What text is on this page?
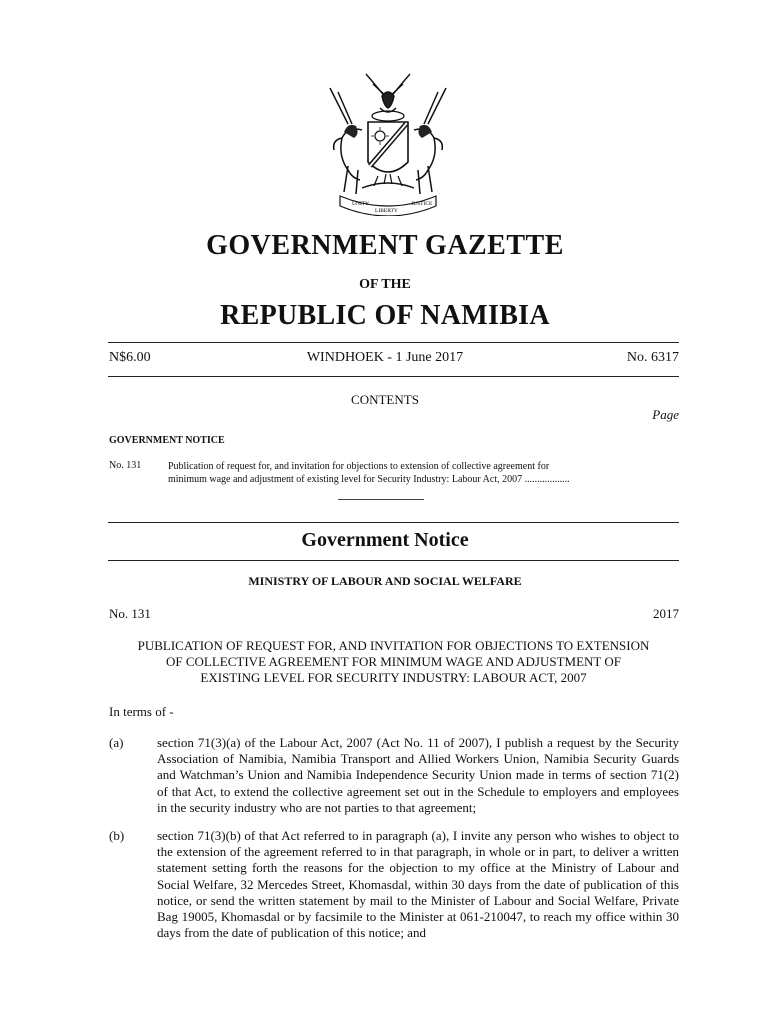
UNITY
LIBERTY
JUSTICE
GOVERNMENT GAZETTE
OF THE
REPUBLIC OF NAMIBIA
N$6.00	WINDHOEK - 1 June 2017	No. 6317
CONTENTS
Page
GOVERNMENT NOTICE
No. 131	Publication of request for, and invitation for objections to extension of collective agreement for
minimum wage and adjustment of existing level for Security Industry: Labour Act, 2007 ..................
Government Notice
MINISTRY OF LABOUR AND SOCIAL WELFARE
No. 131	2017
PUBLICATION OF REQUEST FOR, AND INVITATION FOR OBJECTIONS TO EXTENSION
OF COLLECTIVE AGREEMENT FOR MINIMUM WAGE AND ADJUSTMENT OF
EXISTING LEVEL FOR SECURITY INDUSTRY: LABOUR ACT, 2007
In terms of -
(a)	section 71(3)(a) of the Labour Act, 2007 (Act No. 11 of 2007), I publish a request by the Security Association of Namibia, Namibia Transport and Allied Workers Union, Namibia Security Guards and Watchman’s Union and Namibia Independence Security Union made in terms of section 71(2) of that Act, to extend the collective agreement set out in the Schedule to employers and employees in the security industry who are not parties to that agreement;
(b)	section 71(3)(b) of that Act referred to in paragraph (a), I invite any person who wishes to object to the extension of the agreement referred to in that paragraph, in whole or in part, to deliver a written statement setting forth the reasons for the objection to my office at the Ministry of Labour and Social Welfare, 32 Mercedes Street, Khomasdal, within 30 days from the date of publication of this notice, or send the written statement by mail to the Minister of Labour and Social Welfare, Private Bag 19005, Khomasdal or by facsimile to the Minister at 061-210047, to reach my office within 30 days from the date of publication of this notice; and
